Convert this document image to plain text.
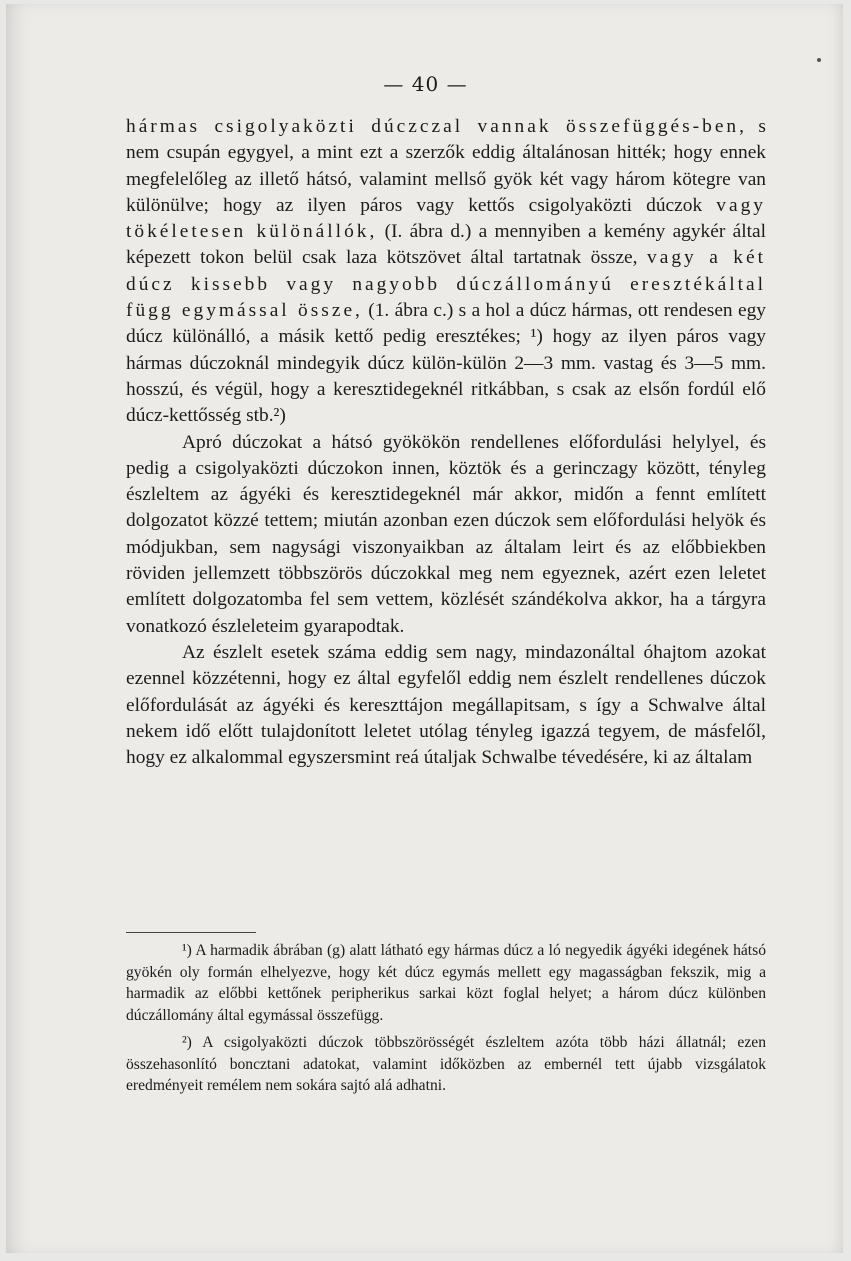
— 40 —

hármas csigolyaközti dúczczal vannak összefüggés-ben, s nem csupán egygyel, a mint ezt a szerzők eddig általánosan hitték; hogy ennek megfelelőleg az illető hátsó, valamint mellső gyök két vagy három kötegre van különülve; hogy az ilyen páros vagy kettős csigolyaközti dúczok vagy tökéletesen különállók, (I. ábra d.) a mennyiben a kemény agykér által képezett tokon belül csak laza kötszövet által tartatnak össze, vagy a két dúcz kissebb vagy nagyobb dúczállományú eresztékáltal függ egymással össze, (1. ábra c.) s a hol a dúcz hármas, ott rendesen egy dúcz különálló, a másik kettő pedig eresztékes; ¹) hogy az ilyen páros vagy hármas dúczoknál mindegyik dúcz külön-külön 2—3 mm. vastag és 3—5 mm. hosszú, és végül, hogy a keresztidegeknél ritkábban, s csak az elsőn fordúl elő dúcz-kettősség stb.²)

Apró dúczokat a hátsó gyökökön rendellenes előfordulási helylyel, és pedig a csigolyaközti dúczokon innen, köztök és a gerinczagy között, tényleg észleltem az ágyéki és keresztidegeknél már akkor, midőn a fennt említett dolgozatot közzé tettem; miután azonban ezen dúczok sem előfordulási helyök és módjukban, sem nagysági viszonyaikban az általam leirt és az előbbiekben röviden jellemzett többszörös dúczokkal meg nem egyeznek, azért ezen leletet említett dolgozatomba fel sem vettem, közlését szándékolva akkor, ha a tárgyra vonatkozó észleleteim gyarapodtak.

Az észlelt esetek száma eddig sem nagy, mindazonáltal óhajtom azokat ezennel közzétenni, hogy ez által egyfelől eddig nem észlelt rendellenes dúczok előfordulását az ágyéki és kereszttájon megállapitsam, s így a Schwalve által nekem idő előtt tulajdonított leletet utólag tényleg igazzá tegyem, de másfelől, hogy ez alkalommal egyszersmint reá útaljak Schwalbe tévedésére, ki az általam

¹) A harmadik ábrában (g) alatt látható egy hármas dúcz a ló negyedik ágyéki idegének hátsó gyökén oly formán elhelyezve, hogy két dúcz egymás mellett egy magasságban fekszik, mig a harmadik az előbbi kettőnek peripherikus sarkai közt foglal helyet; a három dúcz különben dúczállomány által egymással összefügg.

²) A csigolyaközti dúczok többszörösségét észleltem azóta több házi állatnál; ezen összehasonlító boncztani adatokat, valamint időközben az embernél tett újabb vizsgálatok eredményeit remélem nem sokára sajtó alá adhatni.
